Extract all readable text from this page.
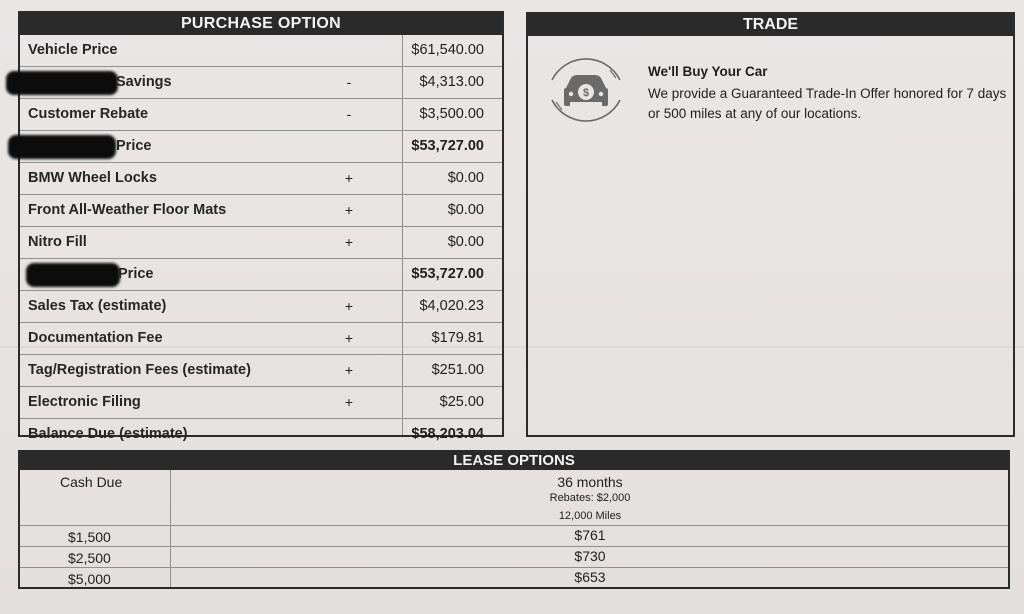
PURCHASE OPTION
Vehicle Price	$61,540.00
Savings	-	$4,313.00
Customer Rebate	-	$3,500.00
Price	$53,727.00
BMW Wheel Locks	+	$0.00
Front All-Weather Floor Mats	+	$0.00
Nitro Fill	+	$0.00
Price	$53,727.00
Sales Tax (estimate)	+	$4,020.23
Documentation Fee	+	$179.81
Tag/Registration Fees (estimate)	+	$251.00
Electronic Filing	+	$25.00
Balance Due (estimate)	$58,203.04
TRADE
$
We'll Buy Your Car
We provide a Guaranteed Trade-In Offer honored for 7 days or 500 miles at any of our locations.
LEASE OPTIONS
Cash Due	36 months
Rebates: $2,000
12,000 Miles
$1,500	$761
$2,500	$730
$5,000	$653
